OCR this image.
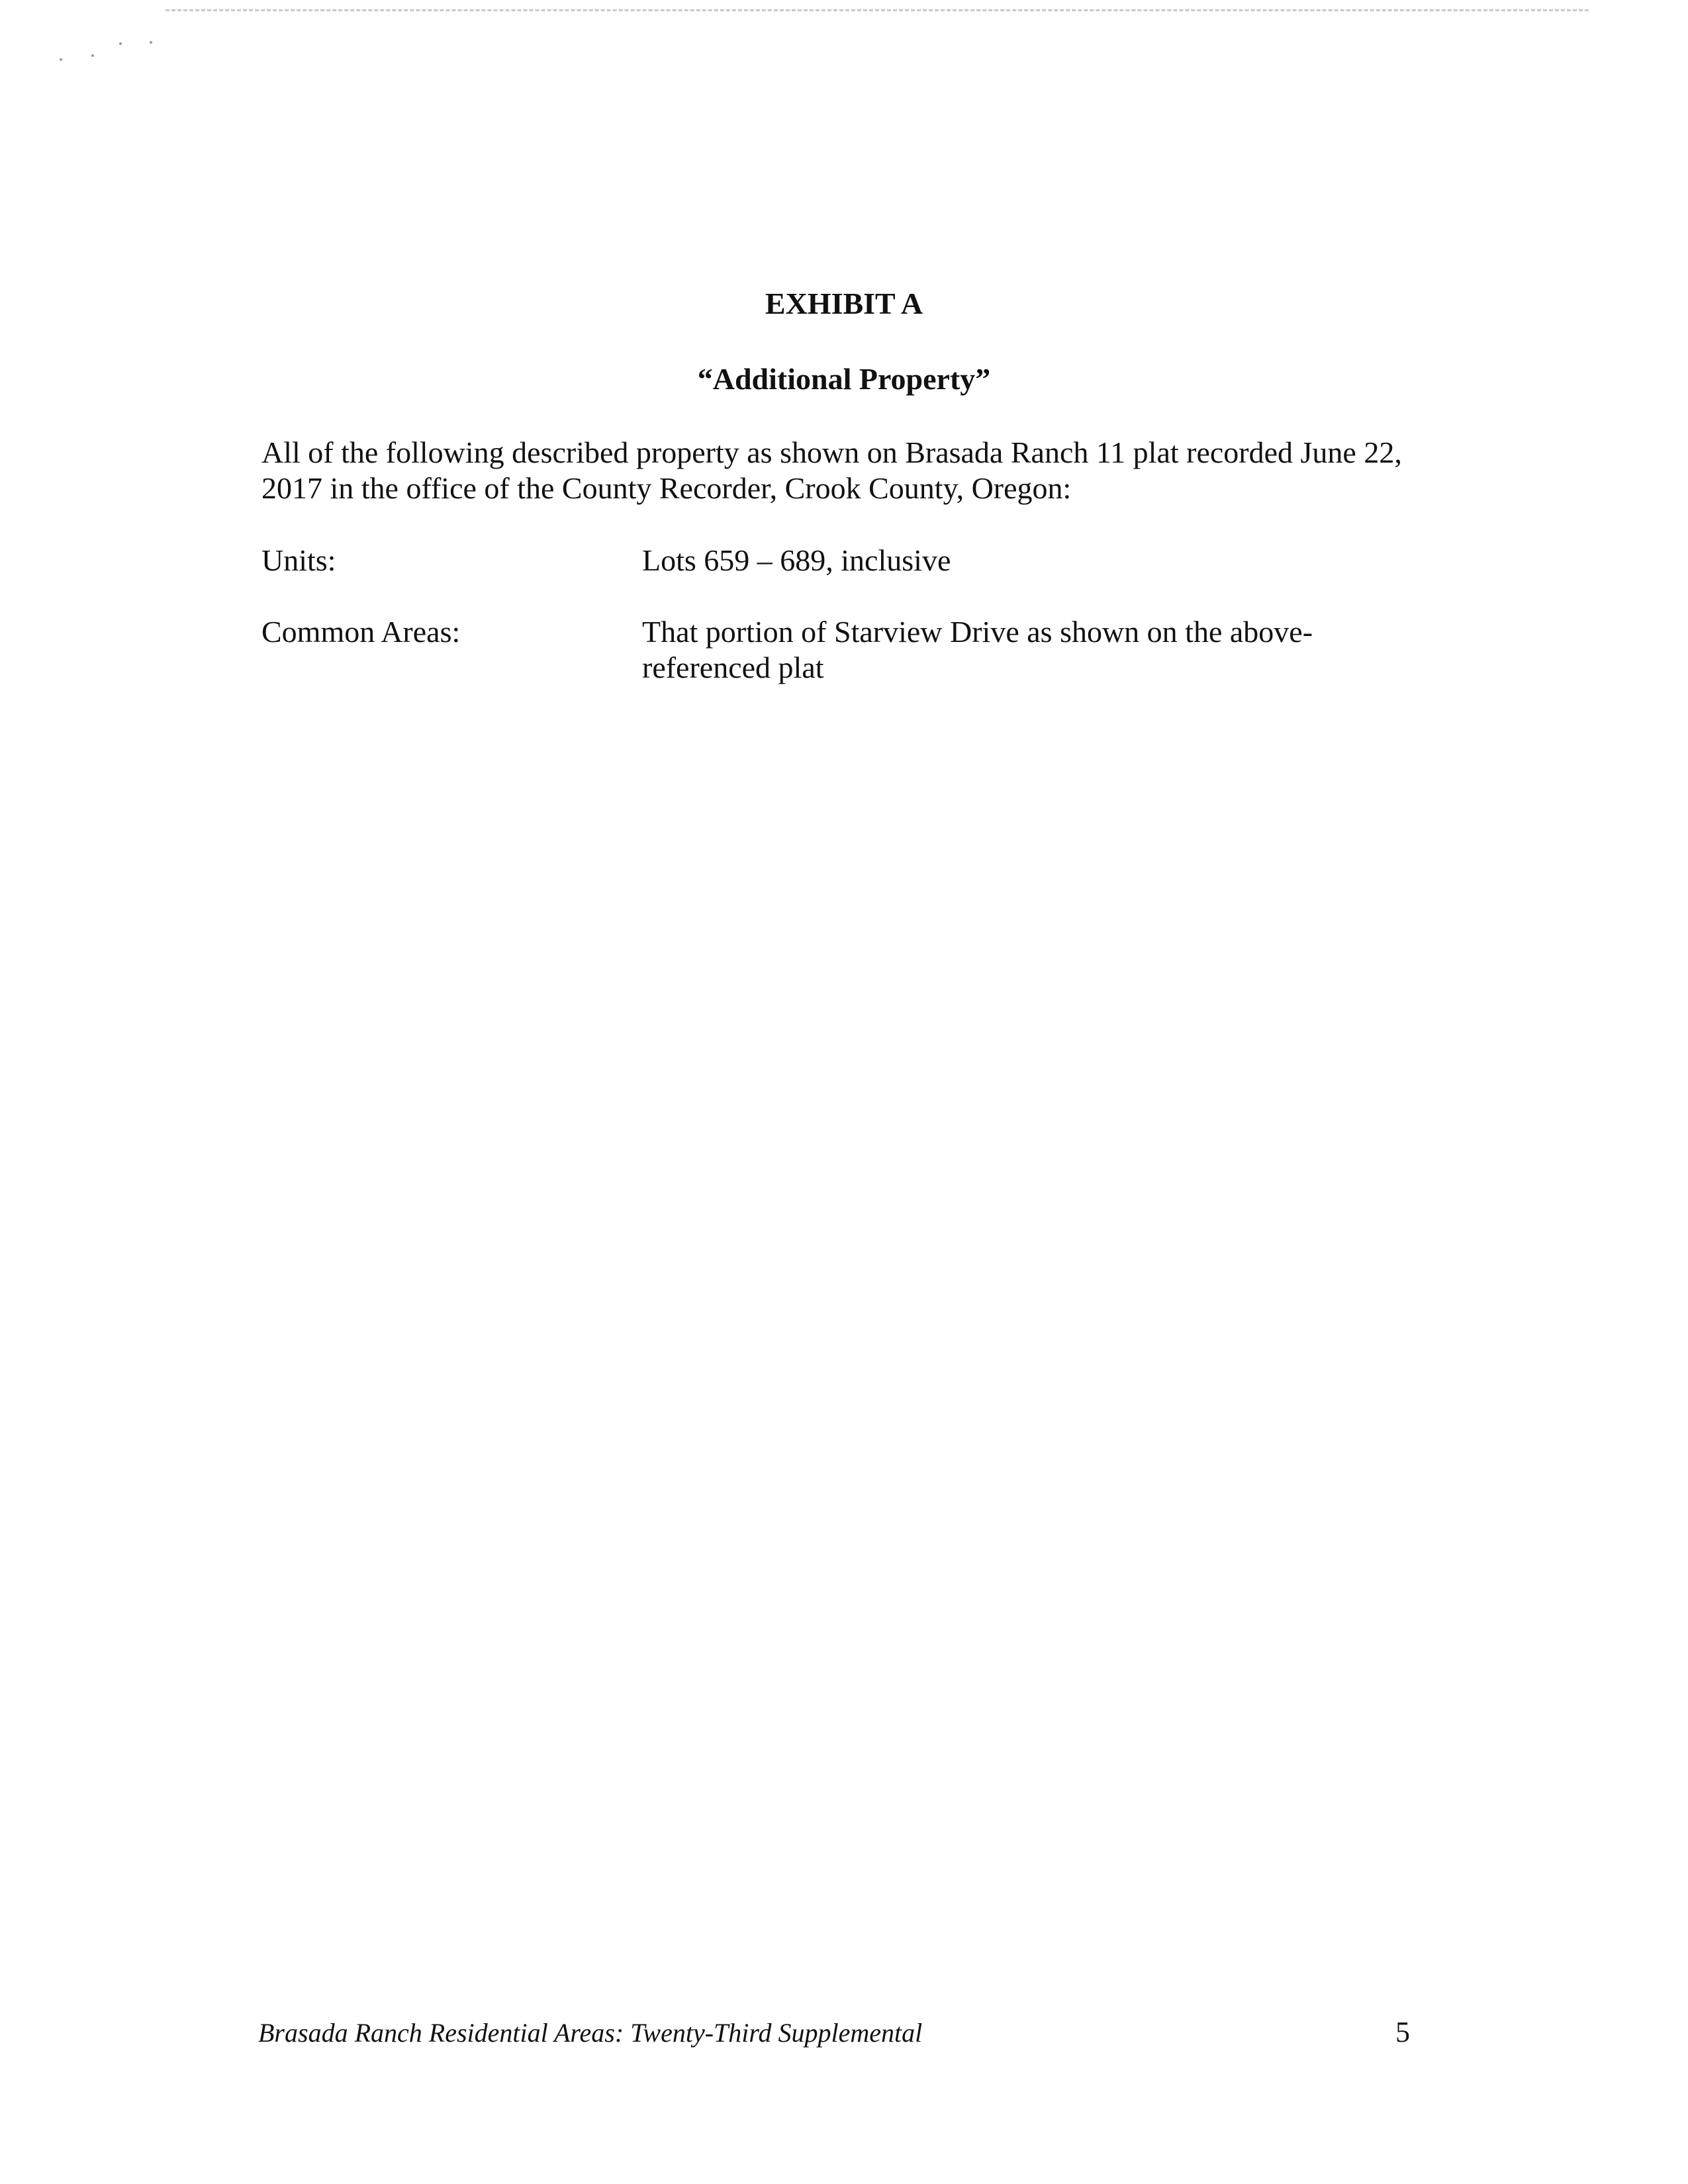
EXHIBIT A
“Additional Property”

All of the following described property as shown on Brasada Ranch 11 plat recorded June 22, 2017 in the office of the County Recorder, Crook County, Oregon:

Units:	Lots 659 – 689, inclusive
Common Areas:	That portion of Starview Drive as shown on the above-referenced plat
Brasada Ranch Residential Areas: Twenty-Third Supplemental	5
